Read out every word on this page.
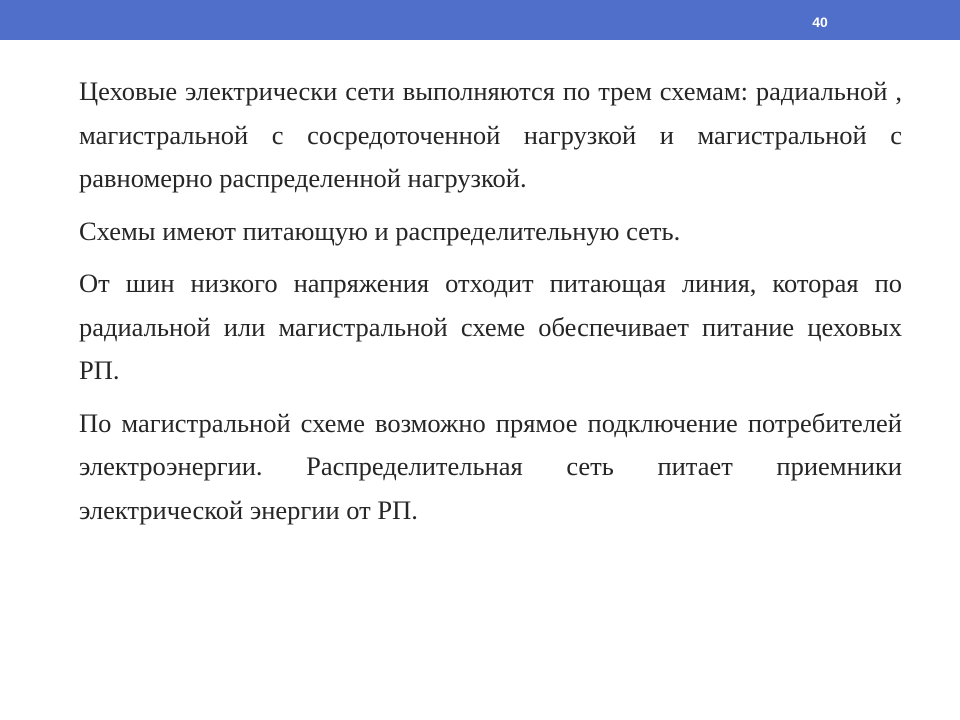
40

Цеховые электрически сети выполняются по трем схемам: радиальной , магистральной с сосредоточенной нагрузкой и магистральной с равномерно распределенной нагрузкой.

Схемы имеют питающую и распределительную сеть.

От шин низкого напряжения отходит питающая линия, которая по радиальной или магистральной схеме обеспечивает питание цеховых РП.

По магистральной схеме возможно прямое подключение потребителей электроэнергии. Распределительная сеть питает приемники электрической энергии от РП.
